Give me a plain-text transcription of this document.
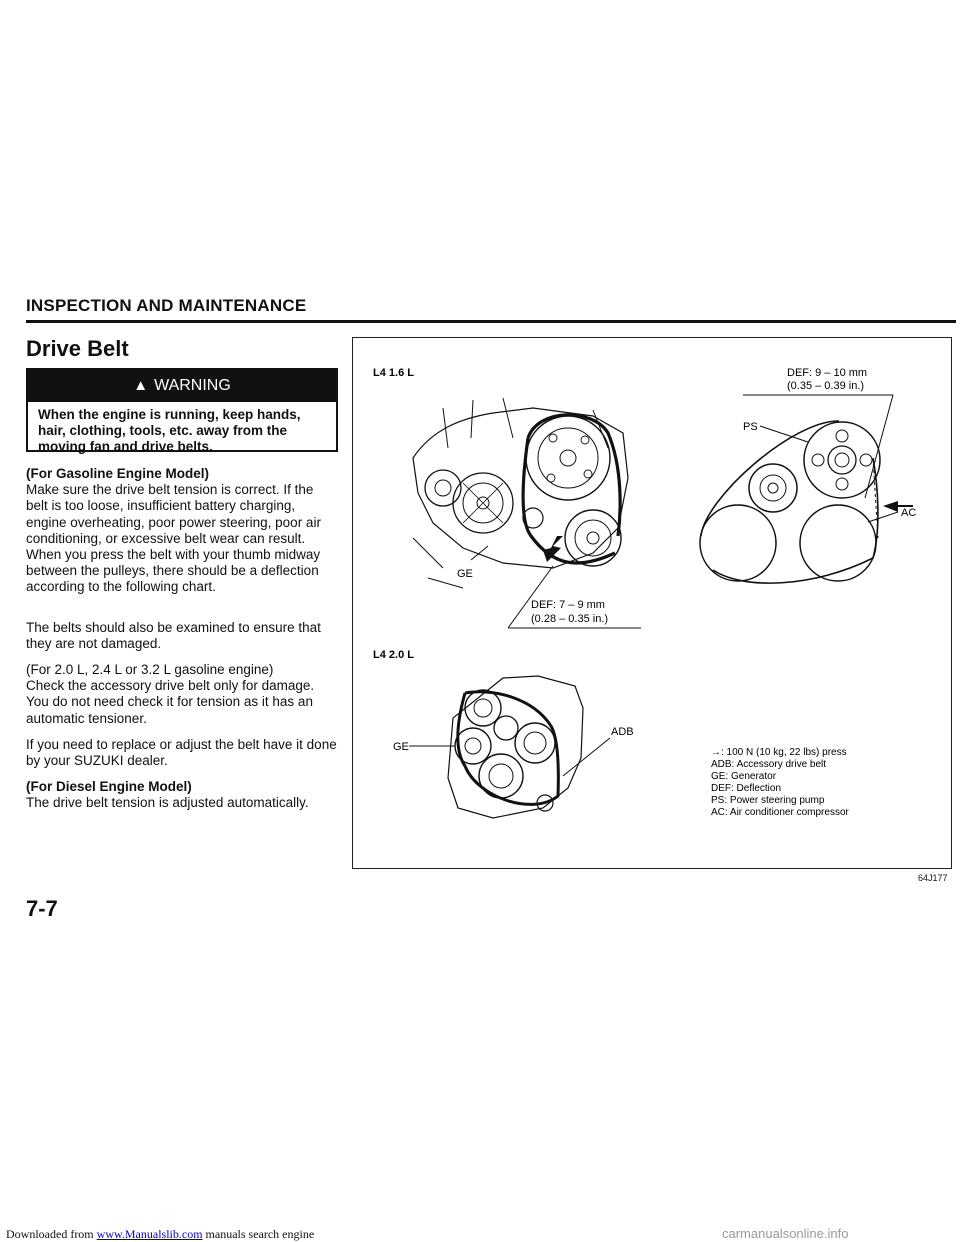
INSPECTION AND MAINTENANCE
Drive Belt
▲ WARNING
When the engine is running, keep hands, hair, clothing, tools, etc. away from the moving fan and drive belts.
(For Gasoline Engine Model)
Make sure the drive belt tension is correct. If the belt is too loose, insufficient battery charging, engine overheating, poor power steering, poor air conditioning, or excessive belt wear can result. When you press the belt with your thumb midway between the pulleys, there should be a deflection according to the following chart.
The belts should also be examined to ensure that they are not damaged.
(For 2.0 L, 2.4 L or 3.2 L gasoline engine)
Check the accessory drive belt only for damage. You do not need check it for tension as it has an automatic tensioner.
If you need to replace or adjust the belt have it done by your SUZUKI dealer.
(For Diesel Engine Model)
The drive belt tension is adjusted automatically.
L4 1.6 L
GE
DEF: 7 – 9 mm
(0.28 – 0.35 in.)
DEF: 9 – 10 mm
(0.35 – 0.39 in.)
PS
AC
L4 2.0 L
GE
ADB
→: 100 N (10 kg, 22 lbs) press
ADB: Accessory drive belt
GE: Generator
DEF: Deflection
PS: Power steering pump
AC: Air conditioner compressor
64J177
7-7
Downloaded from www.Manualslib.com manuals search engine	carmanualsonline.info
